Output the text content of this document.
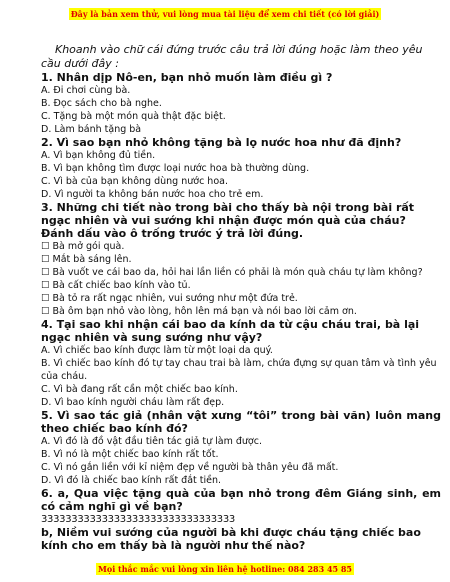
Đây là bản xem thử, vui lòng mua tài liệu để xem chi tiết (có lời giải)

Khoanh vào chữ cái đứng trước câu trả lời đúng hoặc làm theo yêu cầu dưới đây :

1. Nhân dịp Nô-en, bạn nhỏ muốn làm điều gì ?

A. Đi chơi cùng bà.

B. Đọc sách cho bà nghe.

C. Tặng bà một món quà thật đặc biệt.

D. Làm bánh tặng bà

2. Vì sao bạn nhỏ không tặng bà lọ nước hoa như đã định?

A. Vì bạn không đủ tiền.

B. Vì bạn không tìm được loại nước hoa bà thường dùng.

C. Vì bà của bạn không dùng nước hoa.

D. Vì người ta không bán nước hoa cho trẻ em.

3. Những chi tiết nào trong bài cho thấy bà nội trong bài rất ngạc nhiên và vui sướng khi nhận được món quà của cháu? Đánh dấu vào ô trống trước ý trả lời đúng.

☐ Bà mở gói quà.

☐ Mắt bà sáng lên.

☐ Bà vuốt ve cái bao da, hỏi hai lần liền có phải là món quà cháu tự làm không?

☐ Bà cất chiếc bao kính vào tủ.

☐ Bà tỏ ra rất ngạc nhiên, vui sướng như một đứa trẻ.

☐ Bà ôm bạn nhỏ vào lòng, hôn lên má bạn và nói bao lời cảm ơn.

4. Tại sao khi nhận cái bao da kính da từ cậu cháu trai, bà lại ngạc nhiên và sung sướng như vậy?

A. Vì chiếc bao kính được làm từ một loại da quý.

B. Vì chiếc bao kính đó tự tay chau trai bà làm, chứa đựng sự quan tâm và tình yêu của cháu.

C. Vì bà đang rất cần một chiếc bao kính.

D. Vì bao kính người cháu làm rất đẹp.

5. Vì sao tác giả (nhân vật xưng “tôi” trong bài văn) luôn mang theo chiếc bao kính đó?

A. Vì đó là đồ vật đầu tiên tác giả tự làm được.

B. Vì nó là một chiếc bao kính rất tốt.

C. Vì nó gắn liền với kỉ niệm đẹp về người bà thân yêu đã mất.

D. Vì đó là chiếc bao kính rất đắt tiền.

6. a, Qua việc tặng quà của bạn nhỏ trong đêm Giáng sinh, em có cảm nghĩ gì về bạn?

33333333333333333333333333333333

b, Niềm vui sướng của người bà khi được cháu tặng chiếc bao kính cho em thấy bà là người như thế nào?

Mọi thắc mắc vui lòng xin liên hệ hotline: 084 283 45 85
